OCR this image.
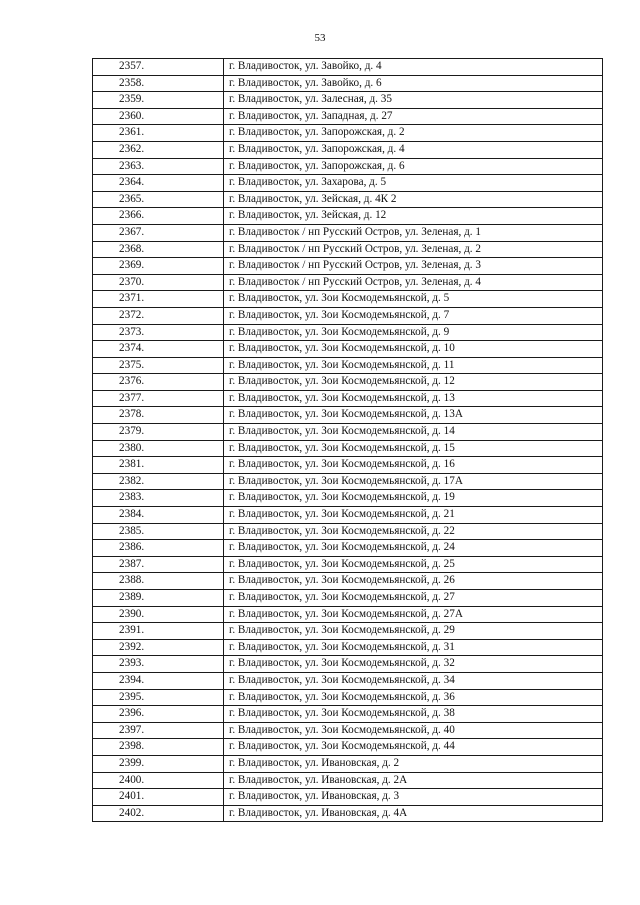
53
2357.	г. Владивосток, ул. Завойко, д. 4
2358.	г. Владивосток, ул. Завойко, д. 6
2359.	г. Владивосток, ул. Залесная, д. 35
2360.	г. Владивосток, ул. Западная, д. 27
2361.	г. Владивосток, ул. Запорожская, д. 2
2362.	г. Владивосток, ул. Запорожская, д. 4
2363.	г. Владивосток, ул. Запорожская, д. 6
2364.	г. Владивосток, ул. Захарова, д. 5
2365.	г. Владивосток, ул. Зейская, д. 4К 2
2366.	г. Владивосток, ул. Зейская, д. 12
2367.	г. Владивосток / нп Русский Остров, ул. Зеленая, д. 1
2368.	г. Владивосток / нп Русский Остров, ул. Зеленая, д. 2
2369.	г. Владивосток / нп Русский Остров, ул. Зеленая, д. 3
2370.	г. Владивосток / нп Русский Остров, ул. Зеленая, д. 4
2371.	г. Владивосток, ул. Зои Космодемьянской, д. 5
2372.	г. Владивосток, ул. Зои Космодемьянской, д. 7
2373.	г. Владивосток, ул. Зои Космодемьянской, д. 9
2374.	г. Владивосток, ул. Зои Космодемьянской, д. 10
2375.	г. Владивосток, ул. Зои Космодемьянской, д. 11
2376.	г. Владивосток, ул. Зои Космодемьянской, д. 12
2377.	г. Владивосток, ул. Зои Космодемьянской, д. 13
2378.	г. Владивосток, ул. Зои Космодемьянской, д. 13А
2379.	г. Владивосток, ул. Зои Космодемьянской, д. 14
2380.	г. Владивосток, ул. Зои Космодемьянской, д. 15
2381.	г. Владивосток, ул. Зои Космодемьянской, д. 16
2382.	г. Владивосток, ул. Зои Космодемьянской, д. 17А
2383.	г. Владивосток, ул. Зои Космодемьянской, д. 19
2384.	г. Владивосток, ул. Зои Космодемьянской, д. 21
2385.	г. Владивосток, ул. Зои Космодемьянской, д. 22
2386.	г. Владивосток, ул. Зои Космодемьянской, д. 24
2387.	г. Владивосток, ул. Зои Космодемьянской, д. 25
2388.	г. Владивосток, ул. Зои Космодемьянской, д. 26
2389.	г. Владивосток, ул. Зои Космодемьянской, д. 27
2390.	г. Владивосток, ул. Зои Космодемьянской, д. 27А
2391.	г. Владивосток, ул. Зои Космодемьянской, д. 29
2392.	г. Владивосток, ул. Зои Космодемьянской, д. 31
2393.	г. Владивосток, ул. Зои Космодемьянской, д. 32
2394.	г. Владивосток, ул. Зои Космодемьянской, д. 34
2395.	г. Владивосток, ул. Зои Космодемьянской, д. 36
2396.	г. Владивосток, ул. Зои Космодемьянской, д. 38
2397.	г. Владивосток, ул. Зои Космодемьянской, д. 40
2398.	г. Владивосток, ул. Зои Космодемьянской, д. 44
2399.	г. Владивосток, ул. Ивановская, д. 2
2400.	г. Владивосток, ул. Ивановская, д. 2А
2401.	г. Владивосток, ул. Ивановская, д. 3
2402.	г. Владивосток, ул. Ивановская, д. 4А
